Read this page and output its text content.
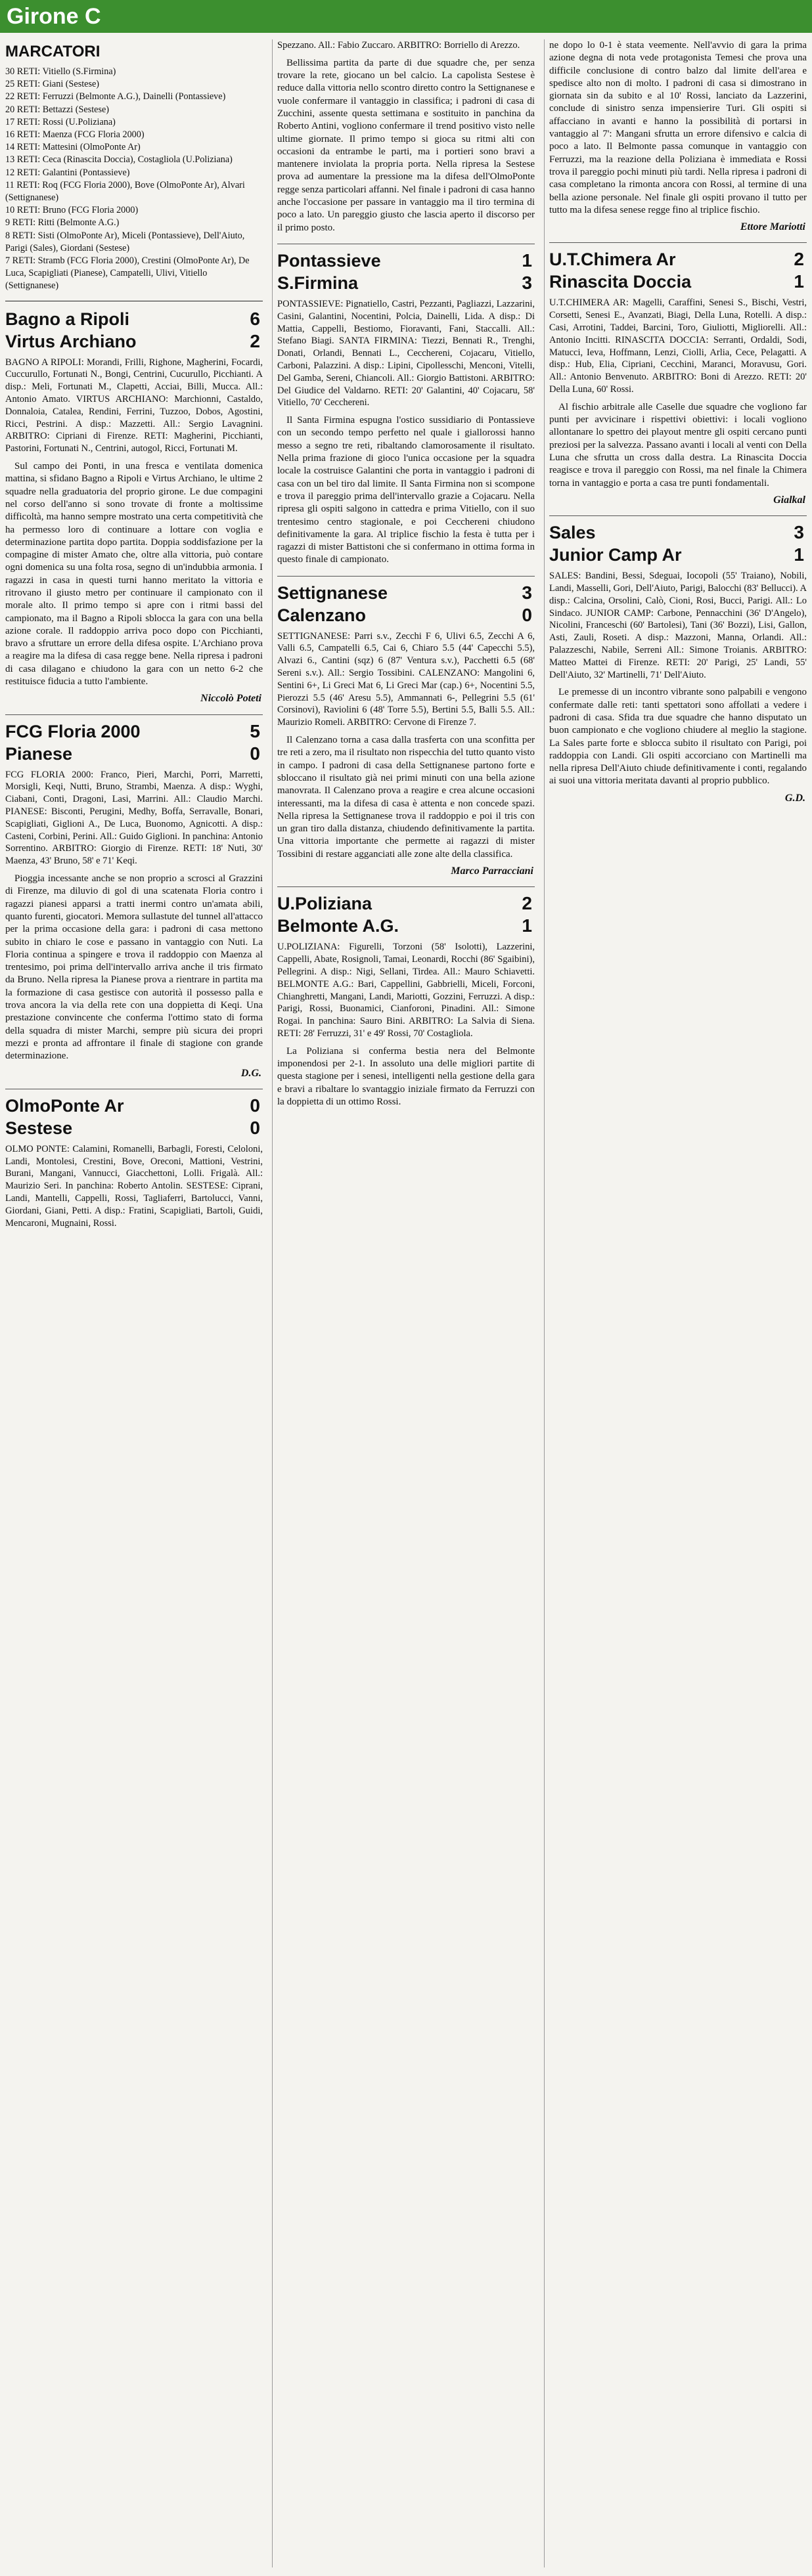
Girone C
MARCATORI

30 RETI: Vitiello (S.Firmina)

25 RETI: Giani (Sestese)

22 RETI: Ferruzzi (Belmonte A.G.), Dainelli (Pontassieve)

20 RETI: Bettazzi (Sestese)

17 RETI: Rossi (U.Poliziana)

16 RETI: Maenza (FCG Floria 2000)

14 RETI: Mattesini (OlmoPonte Ar)

13 RETI: Ceca (Rinascita Doccia), Costagliola (U.Poliziana)

12 RETI: Galantini (Pontassieve)

11 RETI: Roq (FCG Floria 2000), Bove (OlmoPonte Ar), Alvari (Settignanese)

10 RETI: Bruno (FCG Floria 2000)

9 RETI: Ritti (Belmonte A.G.)

8 RETI: Sisti (OlmoPonte Ar), Miceli (Pontassieve), Dell'Aiuto, Parigi (Sales), Giordani (Sestese)

7 RETI: Stramb (FCG Floria 2000), Crestini (OlmoPonte Ar), De Luca, Scapigliati (Pianese), Campatelli, Ulivi, Vitiello (Settignanese)

Bagno a Ripoli	6
Virtus Archiano	2

BAGNO A RIPOLI: Morandi, Frilli, Righone, Magherini, Focardi, Cuccurullo, Fortunati N., Bongi, Centrini, Cucurullo, Picchianti. A disp.: Meli, Fortunati M., Clapetti, Acciai, Billi, Mucca. All.: Antonio Amato. VIRTUS ARCHIANO: Marchionni, Castaldo, Donnaloia, Catalea, Rendini, Ferrini, Tuzzoo, Dobos, Agostini, Ricci, Pestrini. A disp.: Mazzetti. All.: Sergio Lavagnini. ARBITRO: Cipriani di Firenze. RETI: Magherini, Picchianti, Pastorini, Fortunati N., Centrini, autogol, Ricci, Fortunati M.

Sul campo dei Ponti, in una fresca e ventilata domenica mattina, si sfidano Bagno a Ripoli e Virtus Archiano, le ultime 2 squadre nella graduatoria del proprio girone. Le due compagini nel corso dell'anno si sono trovate di fronte a moltissime difficoltà, ma hanno sempre mostrato una certa competitività che ha permesso loro di continuare a lottare con voglia e determinazione partita dopo partita. Doppia soddisfazione per la compagine di mister Amato che, oltre alla vittoria, può contare ogni domenica su una folta rosa, segno di un'indubbia armonia. I ragazzi in casa in questi turni hanno meritato la vittoria e ritrovano il giusto metro per continuare il campionato con il morale alto. Il primo tempo si apre con i ritmi bassi del campionato, ma il Bagno a Ripoli sblocca la gara con una bella azione corale. Il raddoppio arriva poco dopo con Picchianti, bravo a sfruttare un errore della difesa ospite. L'Archiano prova a reagire ma la difesa di casa regge bene. Nella ripresa i padroni di casa dilagano e chiudono la gara con un netto 6-2 che restituisce fiducia a tutto l'ambiente.

Niccolò Poteti
FCG Floria 2000	5
Pianese	0

FCG FLORIA 2000: Franco, Pieri, Marchi, Porri, Marretti, Morsigli, Keqi, Nutti, Bruno, Strambi, Maenza. A disp.: Wyghi, Ciabani, Conti, Dragoni, Lasi, Marrini. All.: Claudio Marchi. PIANESE: Bisconti, Perugini, Medhy, Boffa, Serravalle, Bonari, Scapigliati, Giglioni A., De Luca, Buonomo, Agnicotti. A disp.: Casteni, Corbini, Perini. All.: Guido Giglioni. In panchina: Antonio Sorrentino. ARBITRO: Giorgio di Firenze. RETI: 18' Nuti, 30' Maenza, 43' Bruno, 58' e 71' Keqi.

Pioggia incessante anche se non proprio a scrosci al Grazzini di Firenze, ma diluvio di gol di una scatenata Floria contro i ragazzi pianesi apparsi a tratti inermi contro un'amata abili, quanto furenti, giocatori. Memora sullastute del tunnel all'attacco per la prima occasione della gara: i padroni di casa mettono subito in chiaro le cose e passano in vantaggio con Nuti. La Floria continua a spingere e trova il raddoppio con Maenza al trentesimo, poi prima dell'intervallo arriva anche il tris firmato da Bruno. Nella ripresa la Pianese prova a rientrare in partita ma la formazione di casa gestisce con autorità il possesso palla e trova ancora la via della rete con una doppietta di Keqi. Una prestazione convincente che conferma l'ottimo stato di forma della squadra di mister Marchi, sempre più sicura dei propri mezzi e pronta ad affrontare il finale di stagione con grande determinazione.

D.G.
OlmoPonte Ar	0
Sestese	0

OLMO PONTE: Calamini, Romanelli, Barbagli, Foresti, Celoloni, Landi, Montolesi, Crestini, Bove, Oreconi, Mattioni, Vestrini, Burani, Mangani, Vannucci, Giacchettoni, Lolli. Frigalà. All.: Maurizio Seri. In panchina: Roberto Antolin. SESTESE: Ciprani, Landi, Mantelli, Cappelli, Rossi, Tagliaferri, Bartolucci, Vanni, Giordani, Giani, Petti. A disp.: Fratini, Scapigliati, Bartoli, Guidi, Mencaroni, Mugnaini, Rossi.

Spezzano. All.: Fabio Zuccaro. ARBITRO: Borriello di Arezzo.

Bellissima partita da parte di due squadre che, per senza trovare la rete, giocano un bel calcio. La capolista Sestese è reduce dalla vittoria nello scontro diretto contro la Settignanese e vuole confermare il vantaggio in classifica; i padroni di casa di Zucchini, assente questa settimana e sostituito in panchina da Roberto Antini, vogliono confermare il trend positivo visto nelle ultime giornate. Il primo tempo si gioca su ritmi alti con occasioni da entrambe le parti, ma i portieri sono bravi a mantenere inviolata la propria porta. Nella ripresa la Sestese prova ad aumentare la pressione ma la difesa dell'OlmoPonte regge senza particolari affanni. Nel finale i padroni di casa hanno anche l'occasione per passare in vantaggio ma il tiro termina di poco a lato. Un pareggio giusto che lascia aperto il discorso per il primo posto.

Pontassieve	1
S.Firmina	3

PONTASSIEVE: Pignatiello, Castri, Pezzanti, Pagliazzi, Lazzarini, Casini, Galantini, Nocentini, Polcia, Dainelli, Lida. A disp.: Di Mattia, Cappelli, Bestiomo, Fioravanti, Fani, Staccalli. All.: Stefano Biagi. SANTA FIRMINA: Tiezzi, Bennati R., Trenghi, Donati, Orlandi, Bennati L., Cecchereni, Cojacaru, Vitiello, Carboni, Palazzini. A disp.: Lipini, Cipollesschi, Menconi, Vitelli, Del Gamba, Sereni, Chiancoli. All.: Giorgio Battistoni. ARBITRO: Del Giudice del Valdarno. RETI: 20' Galantini, 40' Cojacaru, 58' Vitiello, 70' Cecchereni.

Il Santa Firmina espugna l'ostico sussidiario di Pontassieve con un secondo tempo perfetto nel quale i giallorossi hanno messo a segno tre reti, ribaltando clamorosamente il risultato. Nella prima frazione di gioco l'unica occasione per la squadra locale la costruisce Galantini che porta in vantaggio i padroni di casa con un bel tiro dal limite. Il Santa Firmina non si scompone e trova il pareggio prima dell'intervallo grazie a Cojacaru. Nella ripresa gli ospiti salgono in cattedra e prima Vitiello, con il suo trentesimo centro stagionale, e poi Cecchereni chiudono definitivamente la gara. Al triplice fischio la festa è tutta per i ragazzi di mister Battistoni che si confermano in ottima forma in questo finale di campionato.

Settignanese	3
Calenzano	0

SETTIGNANESE: Parri s.v., Zecchi F 6, Ulivi 6.5, Zecchi A 6, Valli 6.5, Campatelli 6.5, Cai 6, Chiaro 5.5 (44' Capecchi 5.5), Alvazi 6., Cantini (sqz) 6 (87' Ventura s.v.), Pacchetti 6.5 (68' Sereni s.v.). All.: Sergio Tossibini. CALENZANO: Mangolini 6, Sentini 6+, Li Greci Mat 6, Li Greci Mar (cap.) 6+, Nocentini 5.5, Pierozzi 5.5 (46' Aresu 5.5), Ammannati 6-, Pellegrini 5.5 (61' Corsinovi), Raviolini 6 (48' Torre 5.5), Bertini 5.5, Balli 5.5. All.: Maurizio Romeli. ARBITRO: Cervone di Firenze 7.

Il Calenzano torna a casa dalla trasferta con una sconfitta per tre reti a zero, ma il risultato non rispecchia del tutto quanto visto in campo. I padroni di casa della Settignanese partono forte e sbloccano il risultato già nei primi minuti con una bella azione manovrata. Il Calenzano prova a reagire e crea alcune occasioni interessanti, ma la difesa di casa è attenta e non concede spazi. Nella ripresa la Settignanese trova il raddoppio e poi il tris con un gran tiro dalla distanza, chiudendo definitivamente la partita. Una vittoria importante che permette ai ragazzi di mister Tossibini di restare agganciati alle zone alte della classifica.

Marco Parracciani
U.Poliziana	2
Belmonte A.G.	1

U.POLIZIANA: Figurelli, Torzoni (58' Isolotti), Lazzerini, Cappelli, Abate, Rosignoli, Tamai, Leonardi, Rocchi (86' Sgaibini), Pellegrini. A disp.: Nigi, Sellani, Tirdea. All.: Mauro Schiavetti. BELMONTE A.G.: Bari, Cappellini, Gabbrielli, Miceli, Forconi, Chianghretti, Mangani, Landi, Mariotti, Gozzini, Ferruzzi. A disp.: Parigi, Rossi, Buonamici, Cianforoni, Pinadini. All.: Simone Rogai. In panchina: Sauro Bini. ARBITRO: La Salvia di Siena. RETI: 28' Ferruzzi, 31' e 49' Rossi, 70' Costagliola.

La Poliziana si conferma bestia nera del Belmonte imponendosi per 2-1. In assoluto una delle migliori partite di questa stagione per i senesi, intelligenti nella gestione della gara e bravi a ribaltare lo svantaggio iniziale firmato da Ferruzzi con la doppietta di un ottimo Rossi.

ne dopo lo 0-1 è stata veemente. Nell'avvio di gara la prima azione degna di nota vede protagonista Temesi che prova una difficile conclusione di contro balzo dal limite dell'area e spedisce alto non di molto. I padroni di casa si dimostrano in giornata sin da subito e al 10' Rossi, lanciato da Lazzerini, conclude di sinistro senza impensierire Turi. Gli ospiti si affacciano in avanti e hanno la possibilità di portarsi in vantaggio al 7': Mangani sfrutta un errore difensivo e calcia di poco a lato. Il Belmonte passa comunque in vantaggio con Ferruzzi, ma la reazione della Poliziana è immediata e Rossi trova il pareggio pochi minuti più tardi. Nella ripresa i padroni di casa completano la rimonta ancora con Rossi, al termine di una bella azione personale. Nel finale gli ospiti provano il tutto per tutto ma la difesa senese regge fino al triplice fischio.

Ettore Mariotti
U.T.Chimera Ar	2
Rinascita Doccia	1

U.T.CHIMERA AR: Magelli, Caraffini, Senesi S., Bischi, Vestri, Corsetti, Senesi E., Avanzati, Biagi, Della Luna, Rotelli. A disp.: Casi, Arrotini, Taddei, Barcini, Toro, Giuliotti, Migliorelli. All.: Antonio Incitti. RINASCITA DOCCIA: Serranti, Ordaldi, Sodi, Matucci, Ieva, Hoffmann, Lenzi, Ciolli, Arlia, Cece, Pelagatti. A disp.: Hub, Elia, Cipriani, Cecchini, Maranci, Moravusu, Gori. All.: Antonio Benvenuto. ARBITRO: Boni di Arezzo. RETI: 20' Della Luna, 60' Rossi.

Al fischio arbitrale alle Caselle due squadre che vogliono far punti per avvicinare i rispettivi obiettivi: i locali vogliono allontanare lo spettro dei playout mentre gli ospiti cercano punti preziosi per la salvezza. Passano avanti i locali al venti con Della Luna che sfrutta un cross dalla destra. La Rinascita Doccia reagisce e trova il pareggio con Rossi, ma nel finale la Chimera torna in vantaggio e porta a casa tre punti fondamentali.

Gialkal
Sales	3
Junior Camp Ar	1

SALES: Bandini, Bessi, Sdeguai, Iocopoli (55' Traiano), Nobili, Landi, Masselli, Gori, Dell'Aiuto, Parigi, Balocchi (83' Bellucci). A disp.: Calcina, Orsolini, Calò, Cioni, Rosi, Bucci, Parigi. All.: Lo Sindaco. JUNIOR CAMP: Carbone, Pennacchini (36' D'Angelo), Nicolini, Franceschi (60' Bartolesi), Tani (36' Bozzi), Lisi, Gallon, Asti, Zauli, Roseti. A disp.: Mazzoni, Manna, Orlandi. All.: Palazzeschi, Nabile, Serreni All.: Simone Troianis. ARBITRO: Matteo Mattei di Firenze. RETI: 20' Parigi, 25' Landi, 55' Dell'Aiuto, 32' Martinelli, 71' Dell'Aiuto.

Le premesse di un incontro vibrante sono palpabili e vengono confermate dalle reti: tanti spettatori sono affollati a vedere i padroni di casa. Sfida tra due squadre che hanno disputato un buon campionato e che vogliono chiudere al meglio la stagione. La Sales parte forte e sblocca subito il risultato con Parigi, poi raddoppia con Landi. Gli ospiti accorciano con Martinelli ma nella ripresa Dell'Aiuto chiude definitivamente i conti, regalando ai suoi una vittoria meritata davanti al proprio pubblico.

G.D.
